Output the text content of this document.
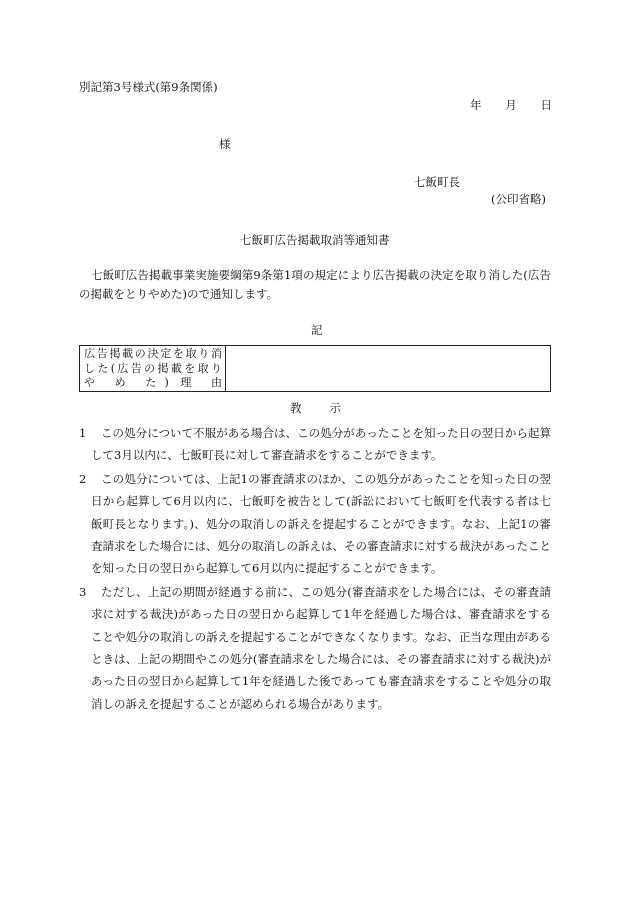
別記第3号様式(第9条関係)
年 月 日
様
七飯町長
(公印省略)
七飯町広告掲載取消等通知書

七飯町広告掲載事業実施要綱第9条第1項の規定により広告掲載の決定を取り消した(広告の掲載をとりやめた)ので通知します。

記
広告掲載の決定を取り消
した(広告の掲載を取り
や め た) 理 由

教 示
1	この処分について不服がある場合は、この処分があったことを知った日の翌日から起算して3月以内に、七飯町長に対して審査請求をすることができます。
2	この処分については、上記1の審査請求のほか、この処分があったことを知った日の翌日から起算して6月以内に、七飯町を被告として(訴訟において七飯町を代表する者は七飯町長となります。)、処分の取消しの訴えを提起することができます。なお、上記1の審査請求をした場合には、処分の取消しの訴えは、その審査請求に対する裁決があったことを知った日の翌日から起算して6月以内に提起することができます。
3	ただし、上記の期間が経過する前に、この処分(審査請求をした場合には、その審査請求に対する裁決)があった日の翌日から起算して1年を経過した場合は、審査請求をすることや処分の取消しの訴えを提起することができなくなります。なお、正当な理由があるときは、上記の期間やこの処分(審査請求をした場合には、その審査請求に対する裁決)があった日の翌日から起算して1年を経過した後であっても審査請求をすることや処分の取消しの訴えを提起することが認められる場合があります。
